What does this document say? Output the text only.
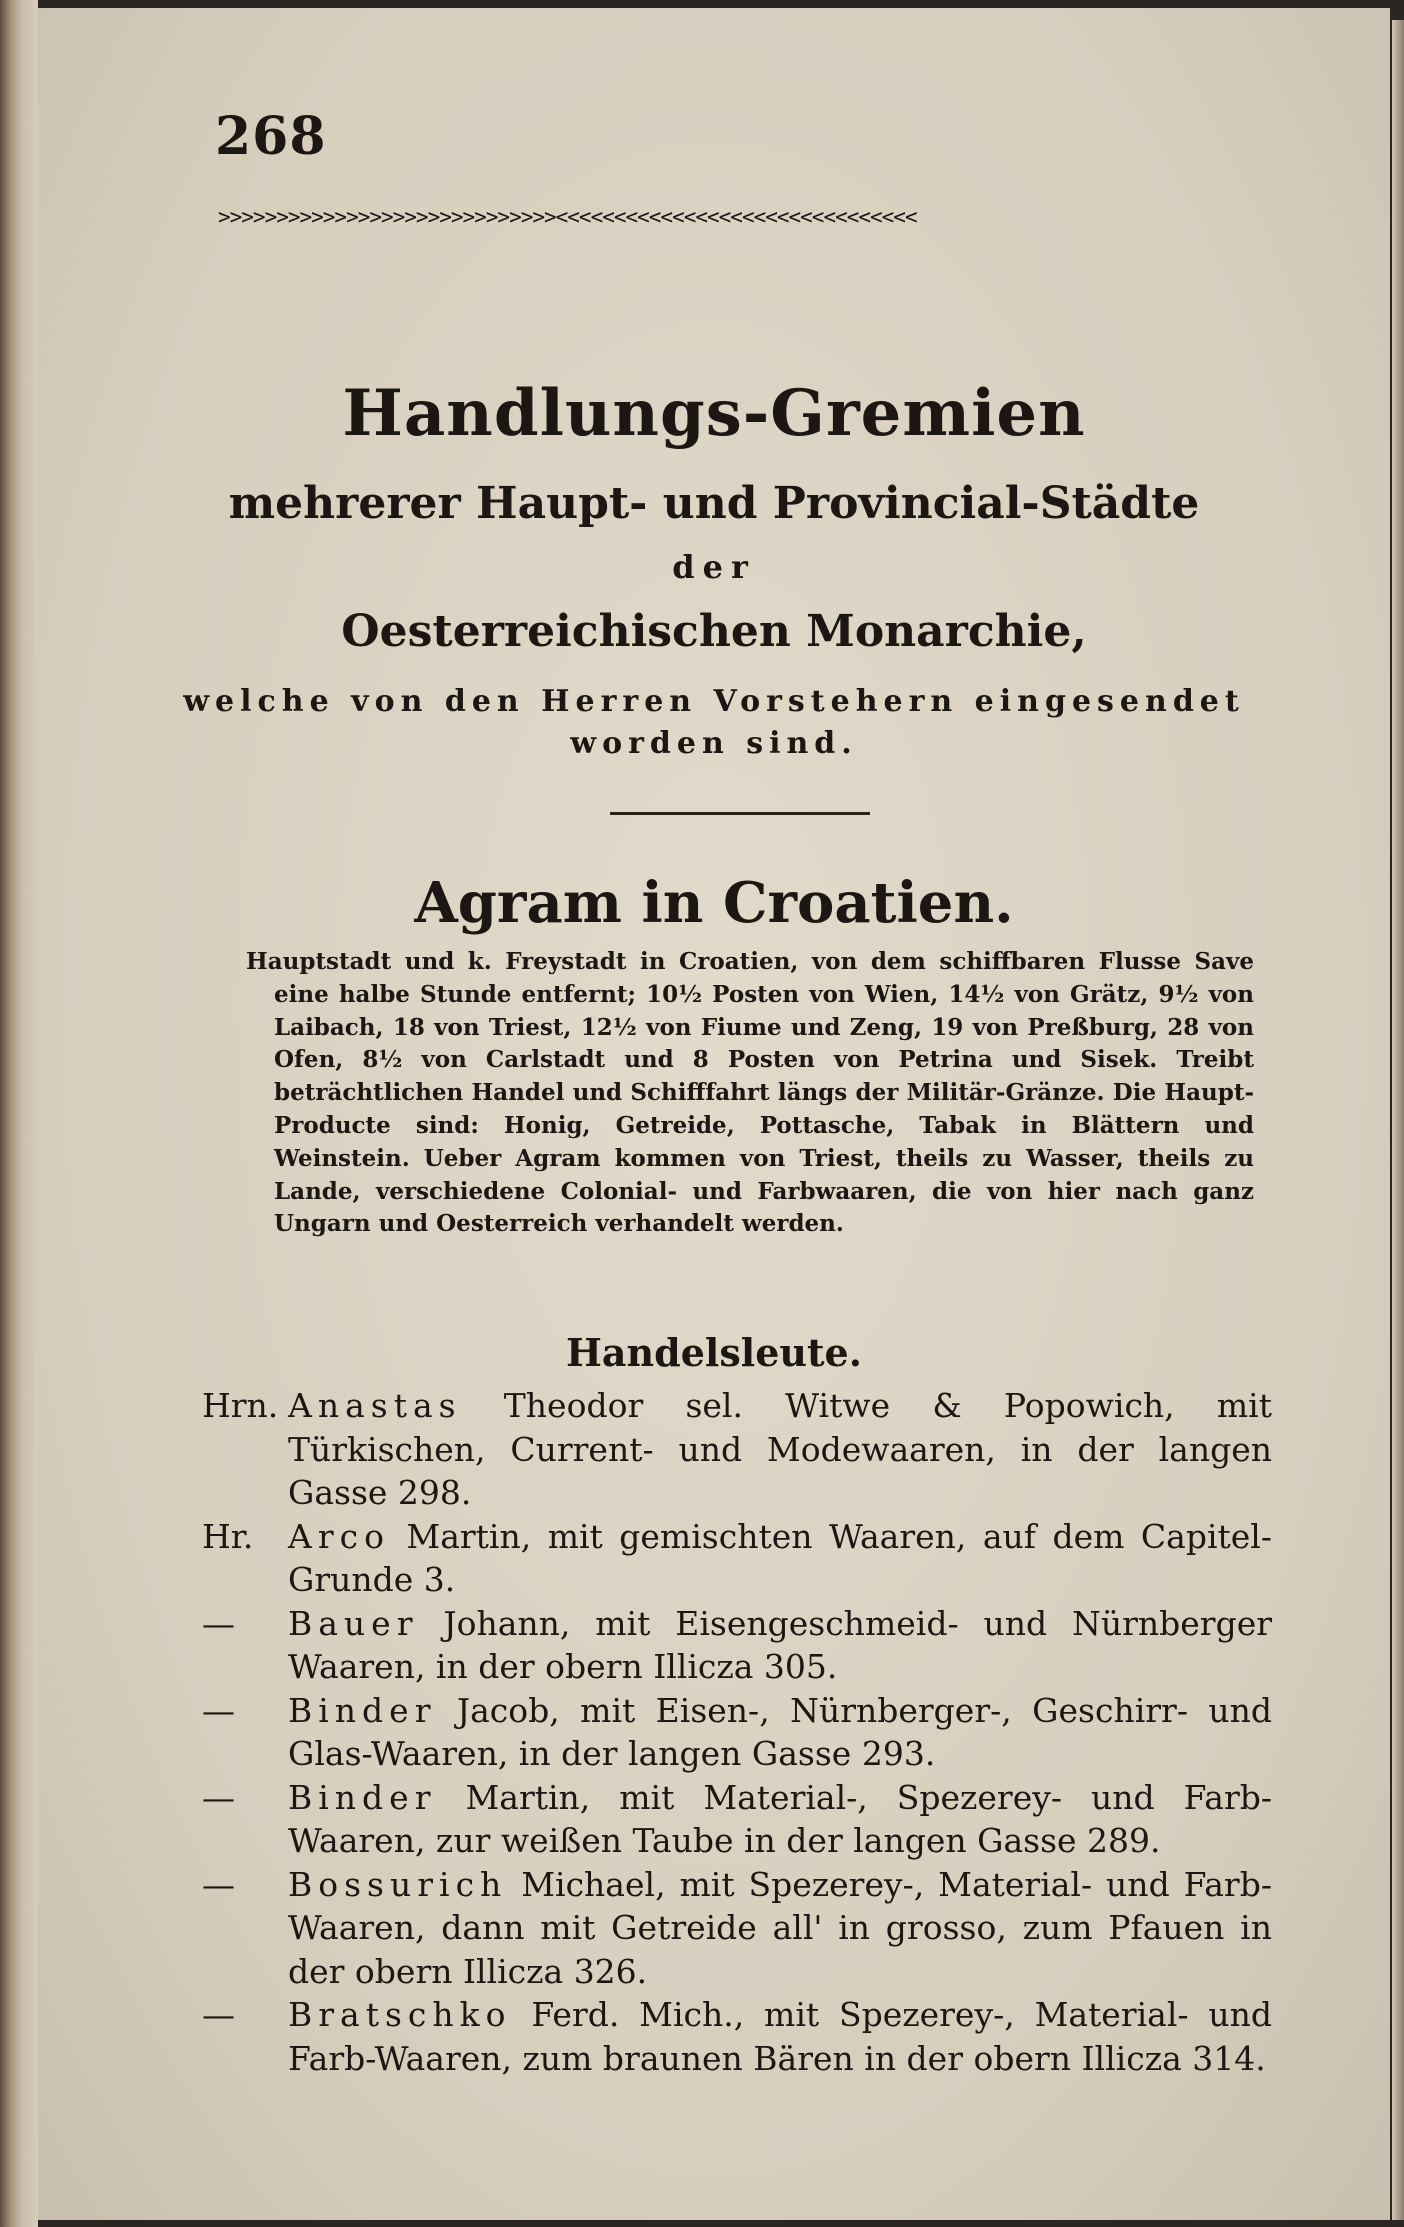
268
>>>>>>>>>>>>>>>>>>>>>>>>>>>>><<<<<<<<<<<<<<<<<<<<<<<<<<<<<<<
Handlungs-Gremien
mehrerer Haupt- und Provincial-Städte
der
Oesterreichischen Monarchie,
welche von den Herren Vorstehern eingesendet
worden sind.
Agram in Croatien.
Hauptstadt und k. Freystadt in Croatien, von dem schiffbaren Flusse Save eine halbe Stunde entfernt; 10½ Posten von Wien, 14½ von Grätz, 9½ von Laibach, 18 von Triest, 12½ von Fiume und Zeng, 19 von Preßburg, 28 von Ofen, 8½ von Carlstadt und 8 Posten von Petrina und Sisek. Treibt beträchtlichen Handel und Schifffahrt längs der Militär-Gränze. Die Haupt-Producte sind: Honig, Getreide, Pottasche, Tabak in Blättern und Weinstein. Ueber Agram kommen von Triest, theils zu Wasser, theils zu Lande, verschiedene Colonial- und Farbwaaren, die von hier nach ganz Ungarn und Oesterreich verhandelt werden.
Handelsleute.
Hrn. Anastas Theodor sel. Witwe & Popowich, mit Türkischen, Current- und Modewaaren, in der langen Gasse 298.
Hr.	Arco Martin, mit gemischten Waaren, auf dem Capitel-Grunde 3.
—	Bauer Johann, mit Eisengeschmeid- und Nürnberger Waaren, in der obern Illicza 305.
—	Binder Jacob, mit Eisen-, Nürnberger-, Geschirr- und Glas-Waaren, in der langen Gasse 293.
—	Binder Martin, mit Material-, Spezerey- und Farb-Waaren, zur weißen Taube in der langen Gasse 289.
—	Bossurich Michael, mit Spezerey-, Material- und Farb-Waaren, dann mit Getreide all' in grosso, zum Pfauen in der obern Illicza 326.
—	Bratschko Ferd. Mich., mit Spezerey-, Material- und Farb-Waaren, zum braunen Bären in der obern Illicza 314.
